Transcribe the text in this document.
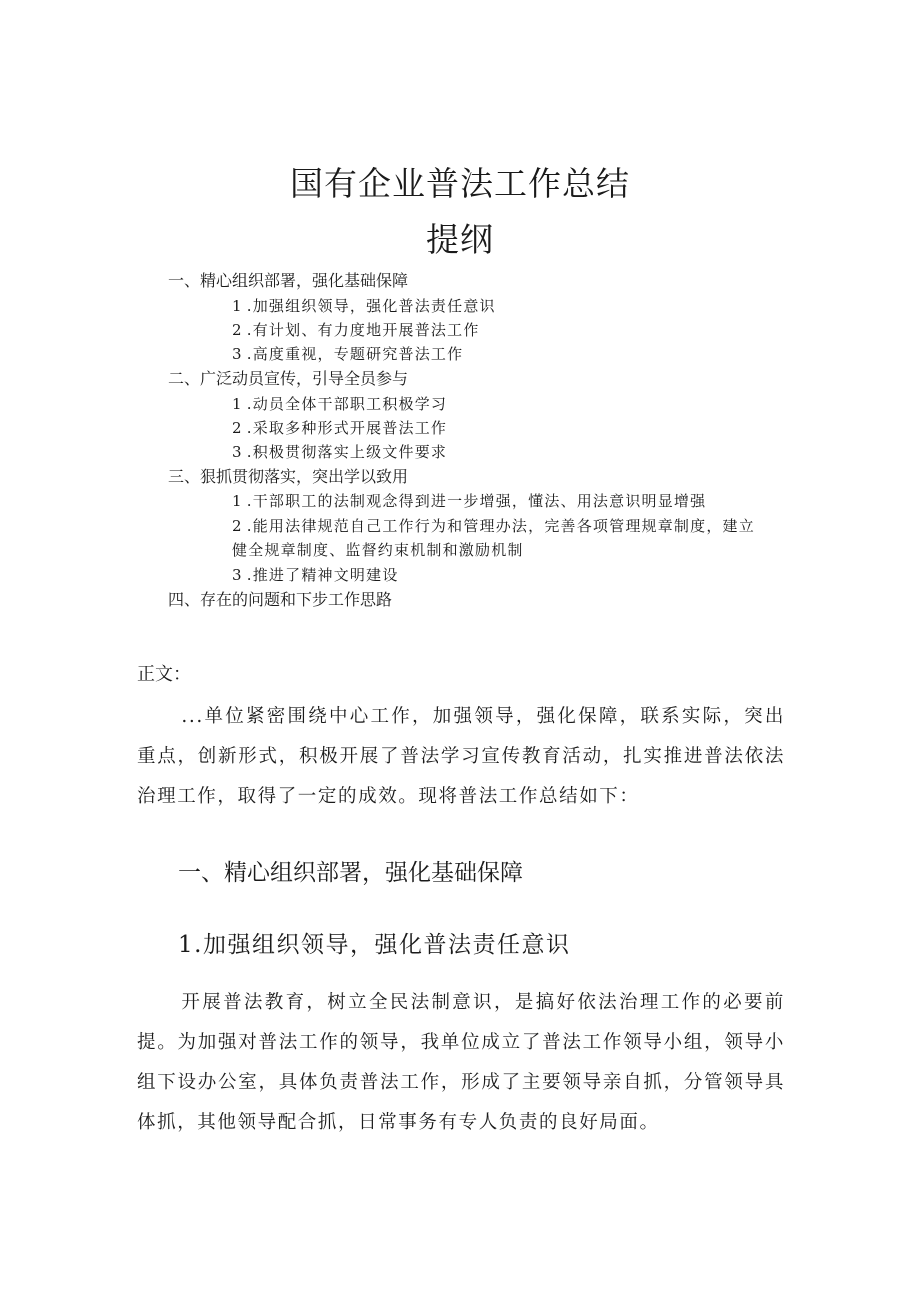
国有企业普法工作总结
提纲
一、精心组织部署，强化基础保障
1 .加强组织领导，强化普法责任意识
2 .有计划、有力度地开展普法工作
3 .高度重视，专题研究普法工作
二、广泛动员宣传，引导全员参与
1 .动员全体干部职工积极学习
2 .采取多种形式开展普法工作
3 .积极贯彻落实上级文件要求
三、狠抓贯彻落实，突出学以致用
1 .干部职工的法制观念得到进一步增强，懂法、用法意识明显增强
2 .能用法律规范自己工作行为和管理办法，完善各项管理规章制度，建立
健全规章制度、监督约束机制和激励机制
3 .推进了精神文明建设
四、存在的问题和下步工作思路
正文：
...单位紧密围绕中心工作，加强领导，强化保障，联系实际，突出重点，创新形式，积极开展了普法学习宣传教育活动，扎实推进普法依法治理工作，取得了一定的成效。现将普法工作总结如下：
一、精心组织部署，强化基础保障
1.加强组织领导，强化普法责任意识
开展普法教育，树立全民法制意识，是搞好依法治理工作的必要前提。为加强对普法工作的领导，我单位成立了普法工作领导小组，领导小组下设办公室，具体负责普法工作，形成了主要领导亲自抓，分管领导具体抓，其他领导配合抓，日常事务有专人负责的良好局面。
